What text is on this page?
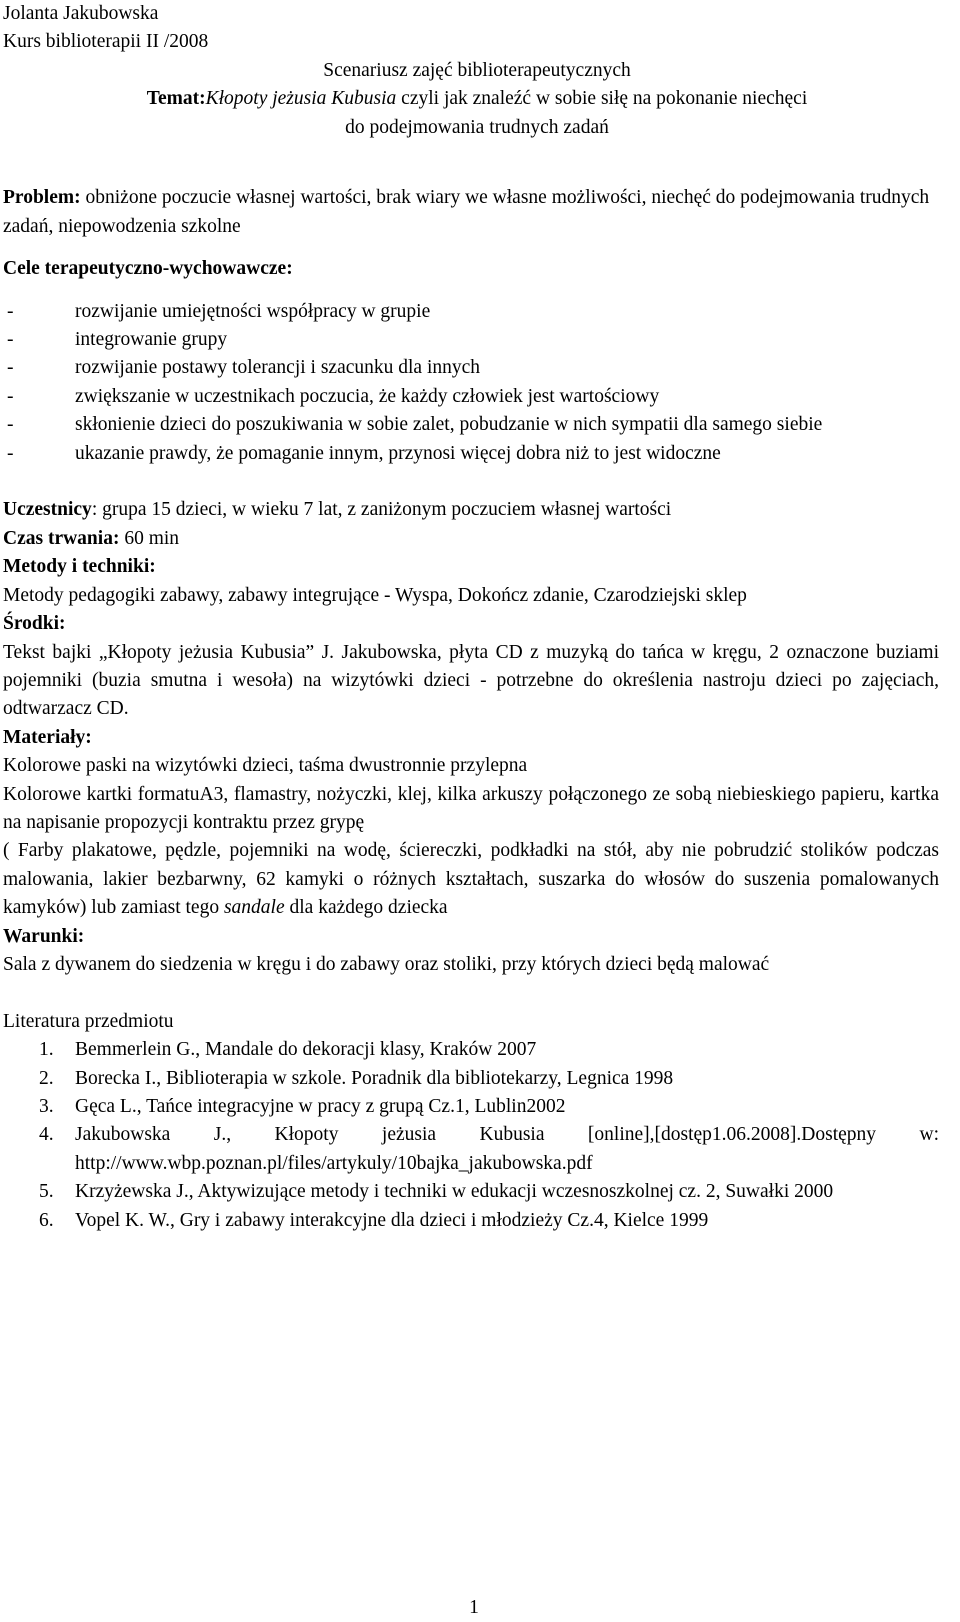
Jolanta Jakubowska
Kurs biblioterapii II /2008
Scenariusz zajęć biblioterapeutycznych
Temat:Kłopoty jeżusia Kubusia czyli jak znaleźć w sobie siłę na pokonanie niechęci
do podejmowania trudnych zadań
Problem: obniżone poczucie własnej wartości, brak wiary we własne możliwości, niechęć do podejmowania trudnych zadań, niepowodzenia szkolne
Cele terapeutyczno-wychowawcze:
-	rozwijanie umiejętności współpracy w grupie
-	integrowanie grupy
-	rozwijanie postawy tolerancji i szacunku dla innych
-	zwiększanie w uczestnikach poczucia, że każdy człowiek jest wartościowy
-	skłonienie dzieci do poszukiwania w sobie zalet, pobudzanie w nich sympatii dla samego siebie
-	ukazanie prawdy, że pomaganie innym, przynosi więcej dobra niż to jest widoczne
Uczestnicy: grupa 15 dzieci, w wieku 7 lat, z zaniżonym poczuciem własnej wartości
Czas trwania: 60 min
Metody i techniki:
Metody pedagogiki zabawy, zabawy integrujące - Wyspa, Dokończ zdanie, Czarodziejski sklep
Środki:
Tekst bajki „Kłopoty jeżusia Kubusia” J. Jakubowska, płyta CD z muzyką do tańca w kręgu, 2 oznaczone buziami pojemniki (buzia smutna i wesoła) na wizytówki dzieci - potrzebne do określenia nastroju dzieci po zajęciach, odtwarzacz CD.
Materiały:
Kolorowe paski na wizytówki dzieci, taśma dwustronnie przylepna
Kolorowe kartki formatuA3, flamastry, nożyczki, klej, kilka arkuszy połączonego ze sobą niebieskiego papieru, kartka na napisanie propozycji kontraktu przez grypę
( Farby plakatowe, pędzle, pojemniki na wodę, ściereczki, podkładki na stół, aby nie pobrudzić stolików podczas malowania, lakier bezbarwny, 62 kamyki o różnych kształtach, suszarka do włosów do suszenia pomalowanych kamyków) lub zamiast tego sandale dla każdego dziecka
Warunki:
Sala z dywanem do siedzenia w kręgu i do zabawy oraz stoliki, przy których dzieci będą malować
Literatura przedmiotu
1. Bemmerlein G., Mandale do dekoracji klasy, Kraków 2007
2. Borecka I., Biblioterapia w szkole. Poradnik dla bibliotekarzy, Legnica 1998
3. Gęca L., Tańce integracyjne w pracy z grupą Cz.1, Lublin2002
4. Jakubowska J., Kłopoty jeżusia Kubusia [online],[dostęp1.06.2008].Dostępny w: http://www.wbp.poznan.pl/files/artykuly/10bajka_jakubowska.pdf
5. Krzyżewska J., Aktywizujące metody i techniki w edukacji wczesnoszkolnej cz. 2, Suwałki 2000
6. Vopel K. W., Gry i zabawy interakcyjne dla dzieci i młodzieży Cz.4, Kielce 1999
1
